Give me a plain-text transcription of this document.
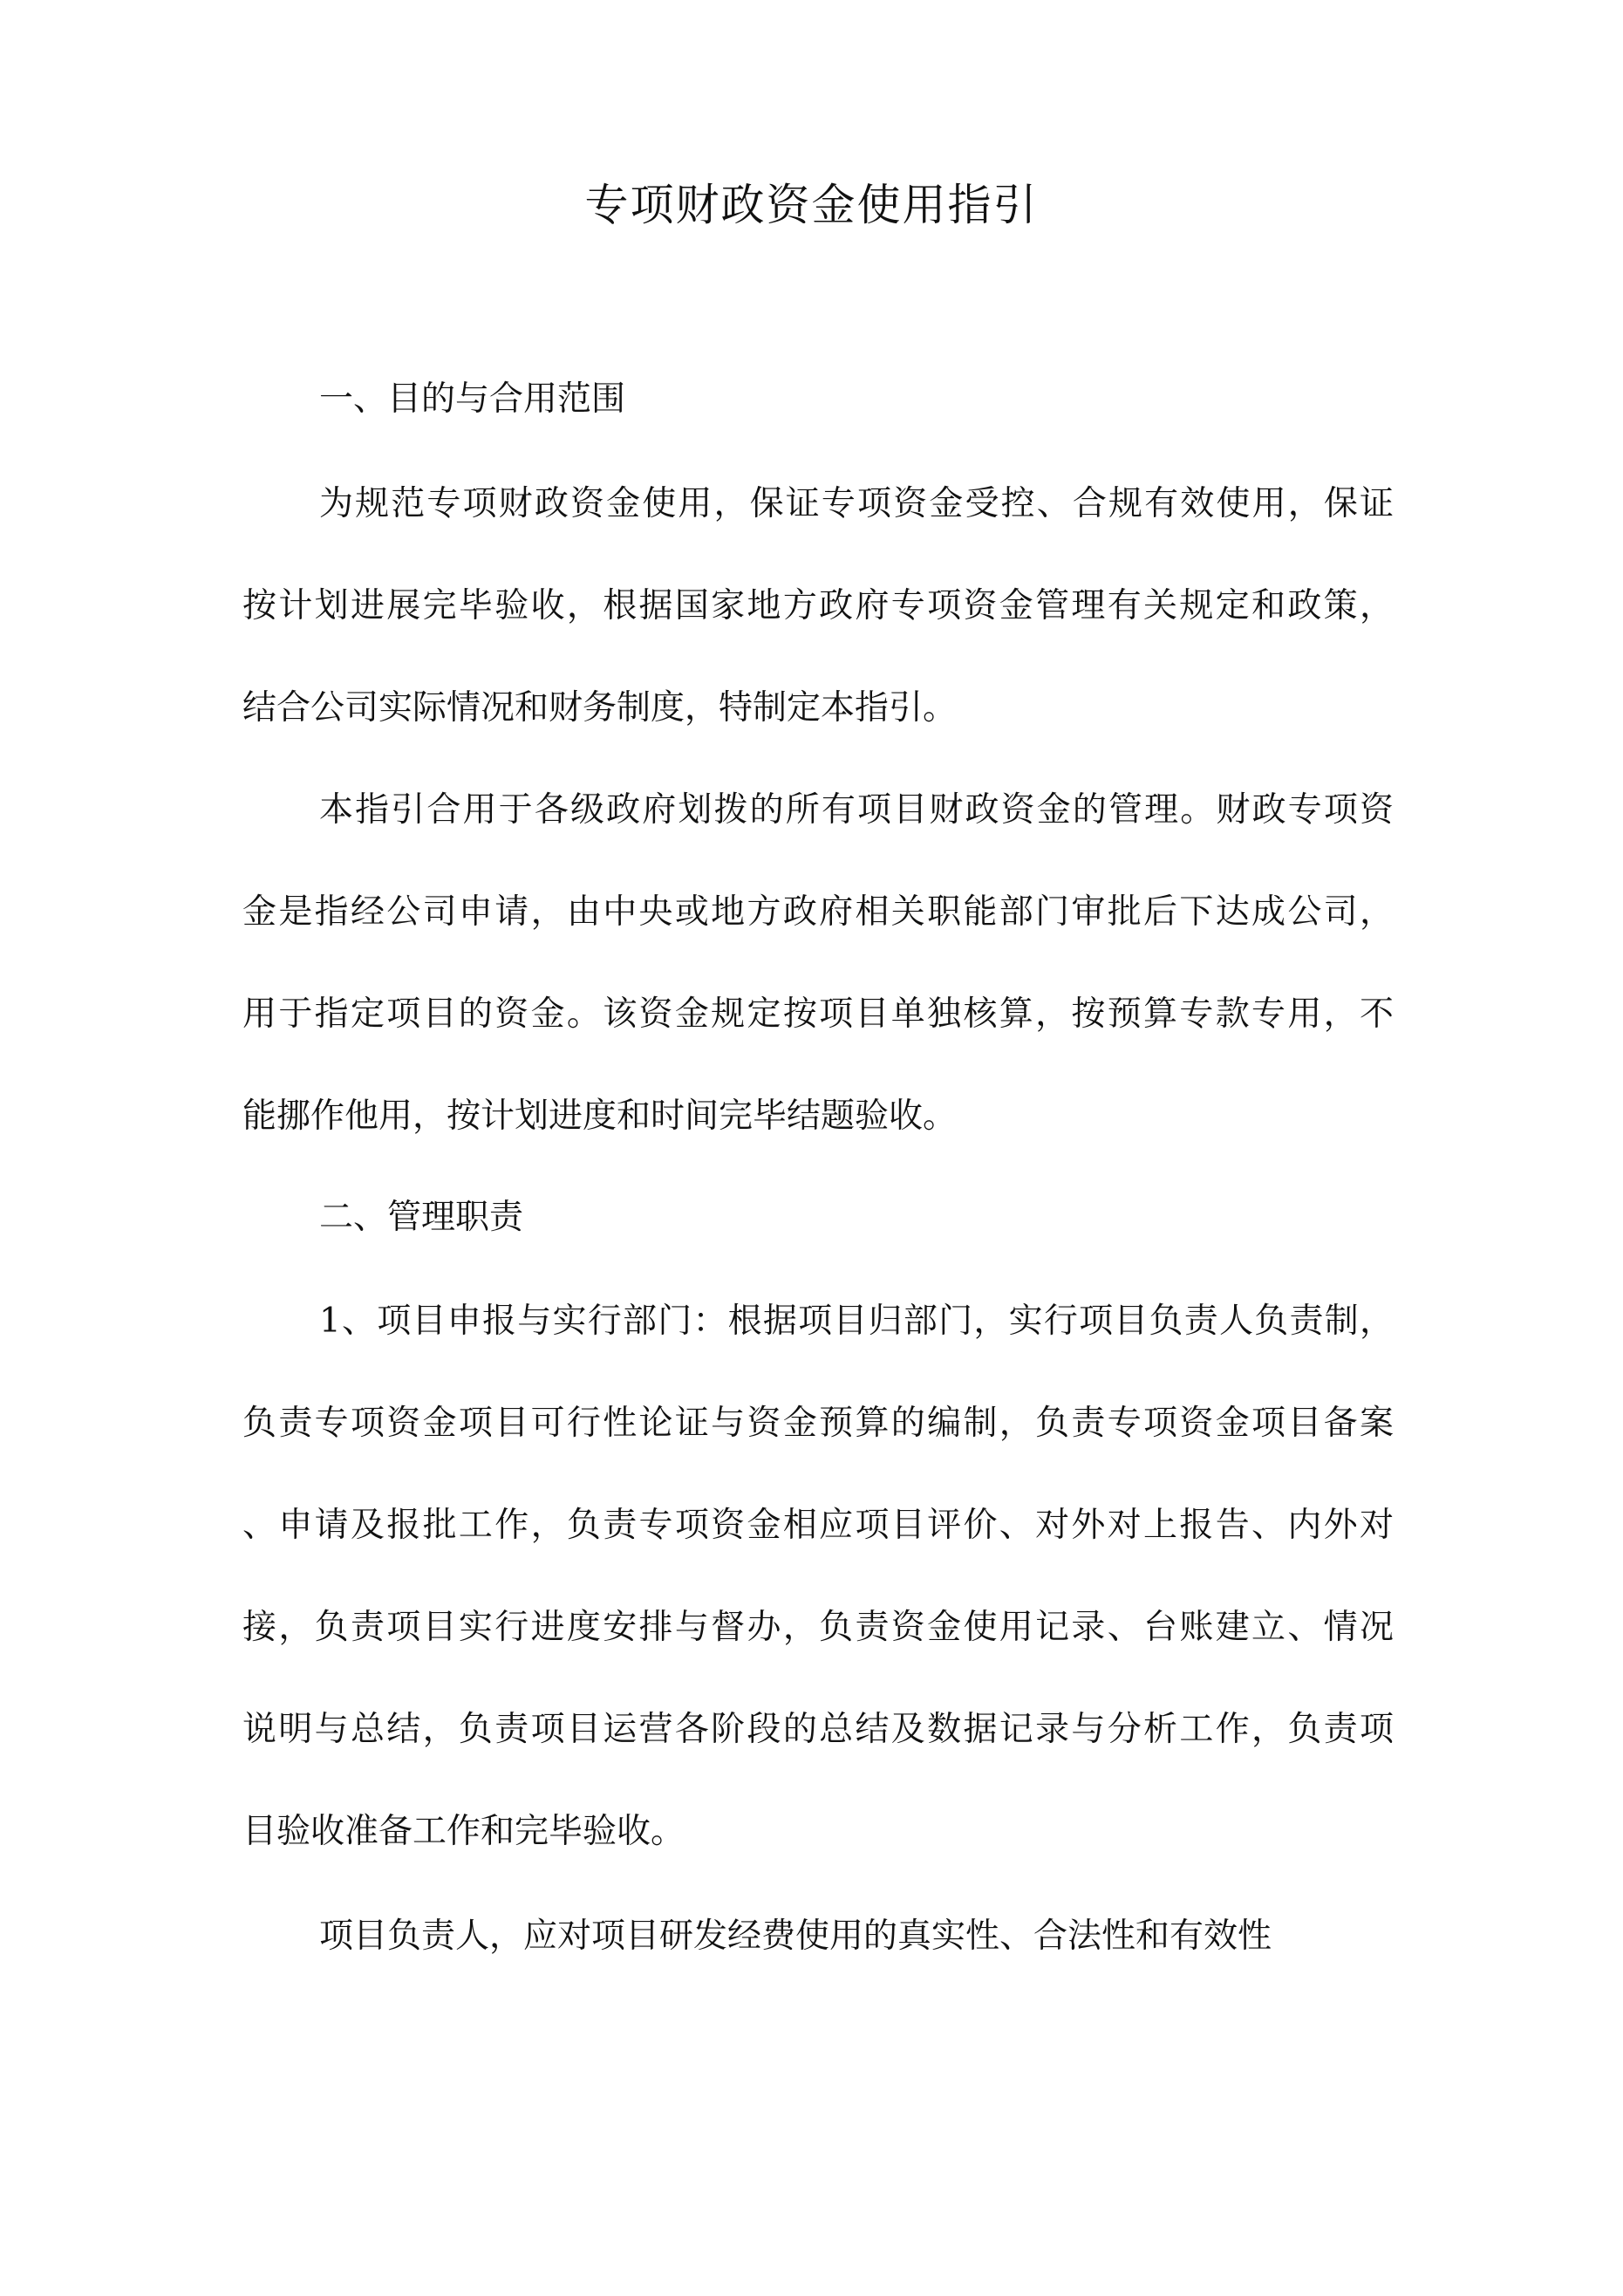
专项财政资金使用指引
一、目的与合用范围
为规范专项财政资金使用，保证专项资金受控、合规有效使用，保证
按计划进展完毕验收，根据国家地方政府专项资金管理有关规定和政策，
结合公司实际情况和财务制度，特制定本指引。
本指引合用于各级政府划拨的所有项目财政资金的管理。财政专项资
金是指经公司申请，由中央或地方政府相关职能部门审批后下达成公司，
用于指定项目的资金。该资金规定按项目单独核算，按预算专款专用，不
能挪作他用，按计划进度和时间完毕结题验收。
二、管理职责
1、项目申报与实行部门：根据项目归部门，实行项目负责人负责制，
负责专项资金项目可行性论证与资金预算的编制，负责专项资金项目备案
、申请及报批工作，负责专项资金相应项目评价、对外对上报告、内外对
接，负责项目实行进度安排与督办，负责资金使用记录、台账建立、情况
说明与总结，负责项目运营各阶段的总结及数据记录与分析工作，负责项
目验收准备工作和完毕验收。
项目负责人，应对项目研发经费使用的真实性、合法性和有效性
